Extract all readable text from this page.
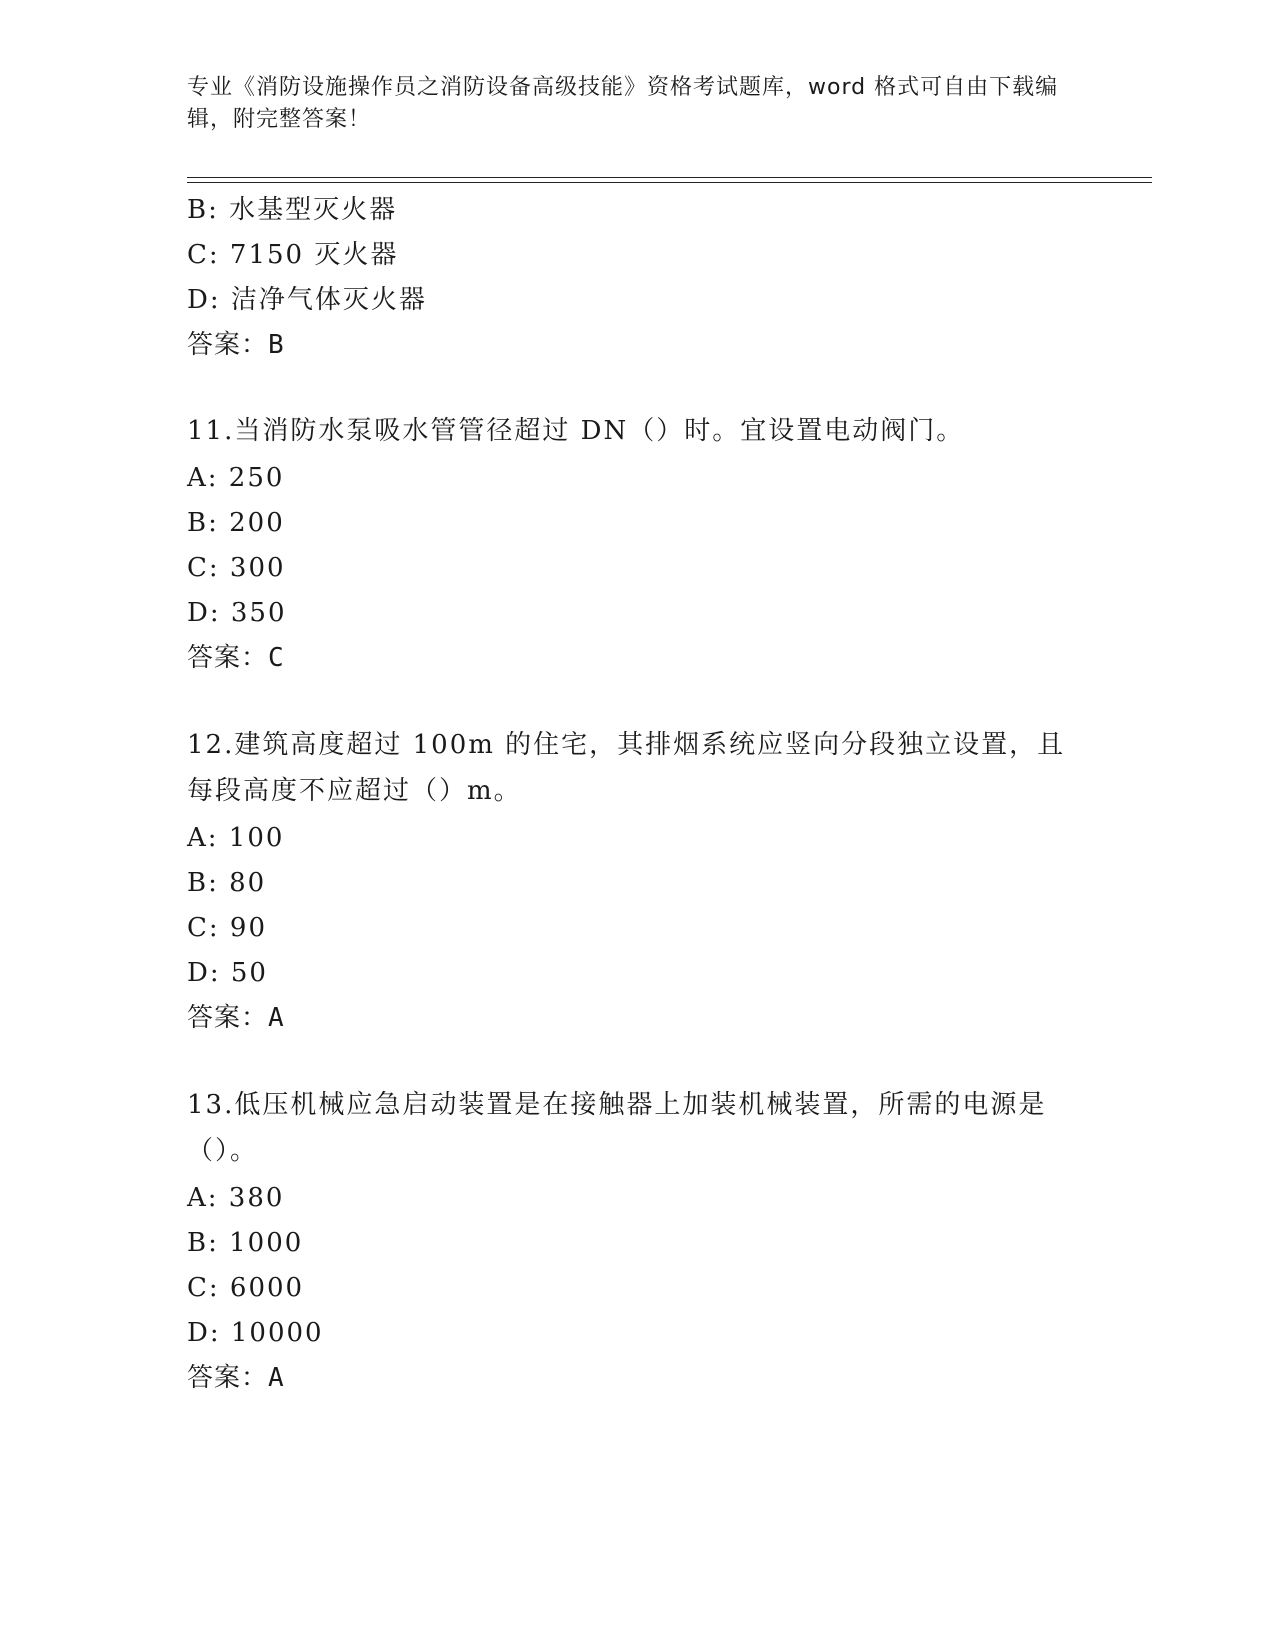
专业《消防设施操作员之消防设备高级技能》资格考试题库，word 格式可自由下载编辑，附完整答案！
B: 水基型灭火器
C: 7150 灭火器
D: 洁净气体灭火器
答案：B
11.当消防水泵吸水管管径超过 DN（）时。宜设置电动阀门。
A: 250
B: 200
C: 300
D: 350
答案：C
12.建筑高度超过 100m 的住宅，其排烟系统应竖向分段独立设置，且每段高度不应超过（）m。
A: 100
B: 80
C: 90
D: 50
答案：A
13.低压机械应急启动装置是在接触器上加装机械装置，所需的电源是（）。
A: 380
B: 1000
C: 6000
D: 10000
答案：A
